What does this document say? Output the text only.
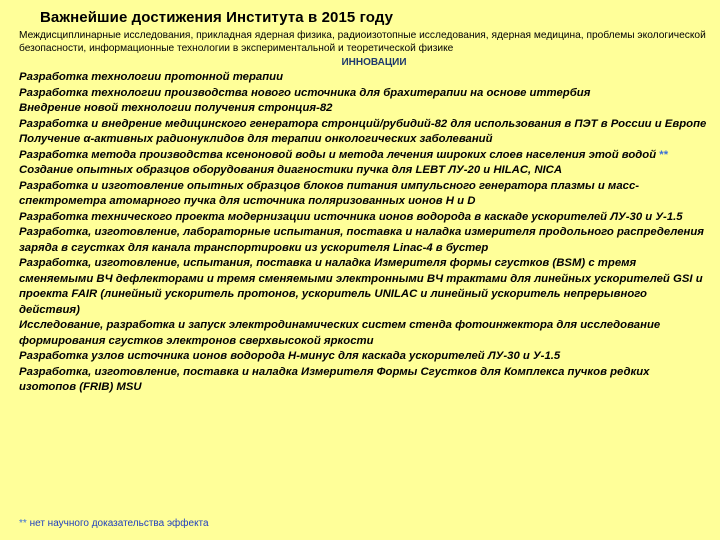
Важнейшие достижения Института в 2015 году
Междисциплинарные исследования, прикладная ядерная физика, радиоизотопные исследования, ядерная медицина, проблемы экологической безопасности, информационные технологии в экспериментальной и теоретической физике
ИННОВАЦИИ
Разработка технологии протонной терапии
Разработка технологии производства нового источника для брахитерапии на основе иттербия
Внедрение новой технологии получения стронция-82
Разработка и внедрение медицинского генератора стронций/рубидий-82 для использования в ПЭТ в России и Европе
Получение α-активных радионуклидов для терапии онкологических заболеваний
Разработка метода производства ксеноновой воды и метода лечения широких слоев населения этой водой **
Создание опытных образцов оборудования диагностики пучка для LEBT ЛУ-20 и HILAC, NICA
Разработка и изготовление опытных образцов блоков питания импульсного генератора плазмы и масс-спектрометра атомарного пучка для источника поляризованных ионов H и D
Разработка технического проекта модернизации источника ионов водорода в каскаде ускорителей ЛУ-30 и У-1.5
Разработка, изготовление, лабораторные испытания, поставка и наладка измерителя продольного распределения заряда в сгустках для канала транспортировки из ускорителя Linac-4 в бустер
Разработка, изготовление, испытания, поставка и наладка Измерителя формы сгустков (BSM) с тремя сменяемыми ВЧ дефлекторами и тремя сменяемыми электронными ВЧ трактами для линейных ускорителей GSI и проекта FAIR (линейный ускоритель протонов, ускоритель UNILAC и линейный ускоритель непрерывного действия)
Исследование, разработка и запуск электродинамических систем стенда фотоинжектора для исследование формирования сгустков электронов сверхвысокой яркости
Разработка узлов источника ионов водорода H-минус для каскада ускорителей ЛУ-30 и У-1.5
Разработка, изготовление, поставка и наладка Измерителя Формы Сгустков для Комплекса пучков редких изотопов (FRIB) MSU
** нет научного доказательства эффекта
